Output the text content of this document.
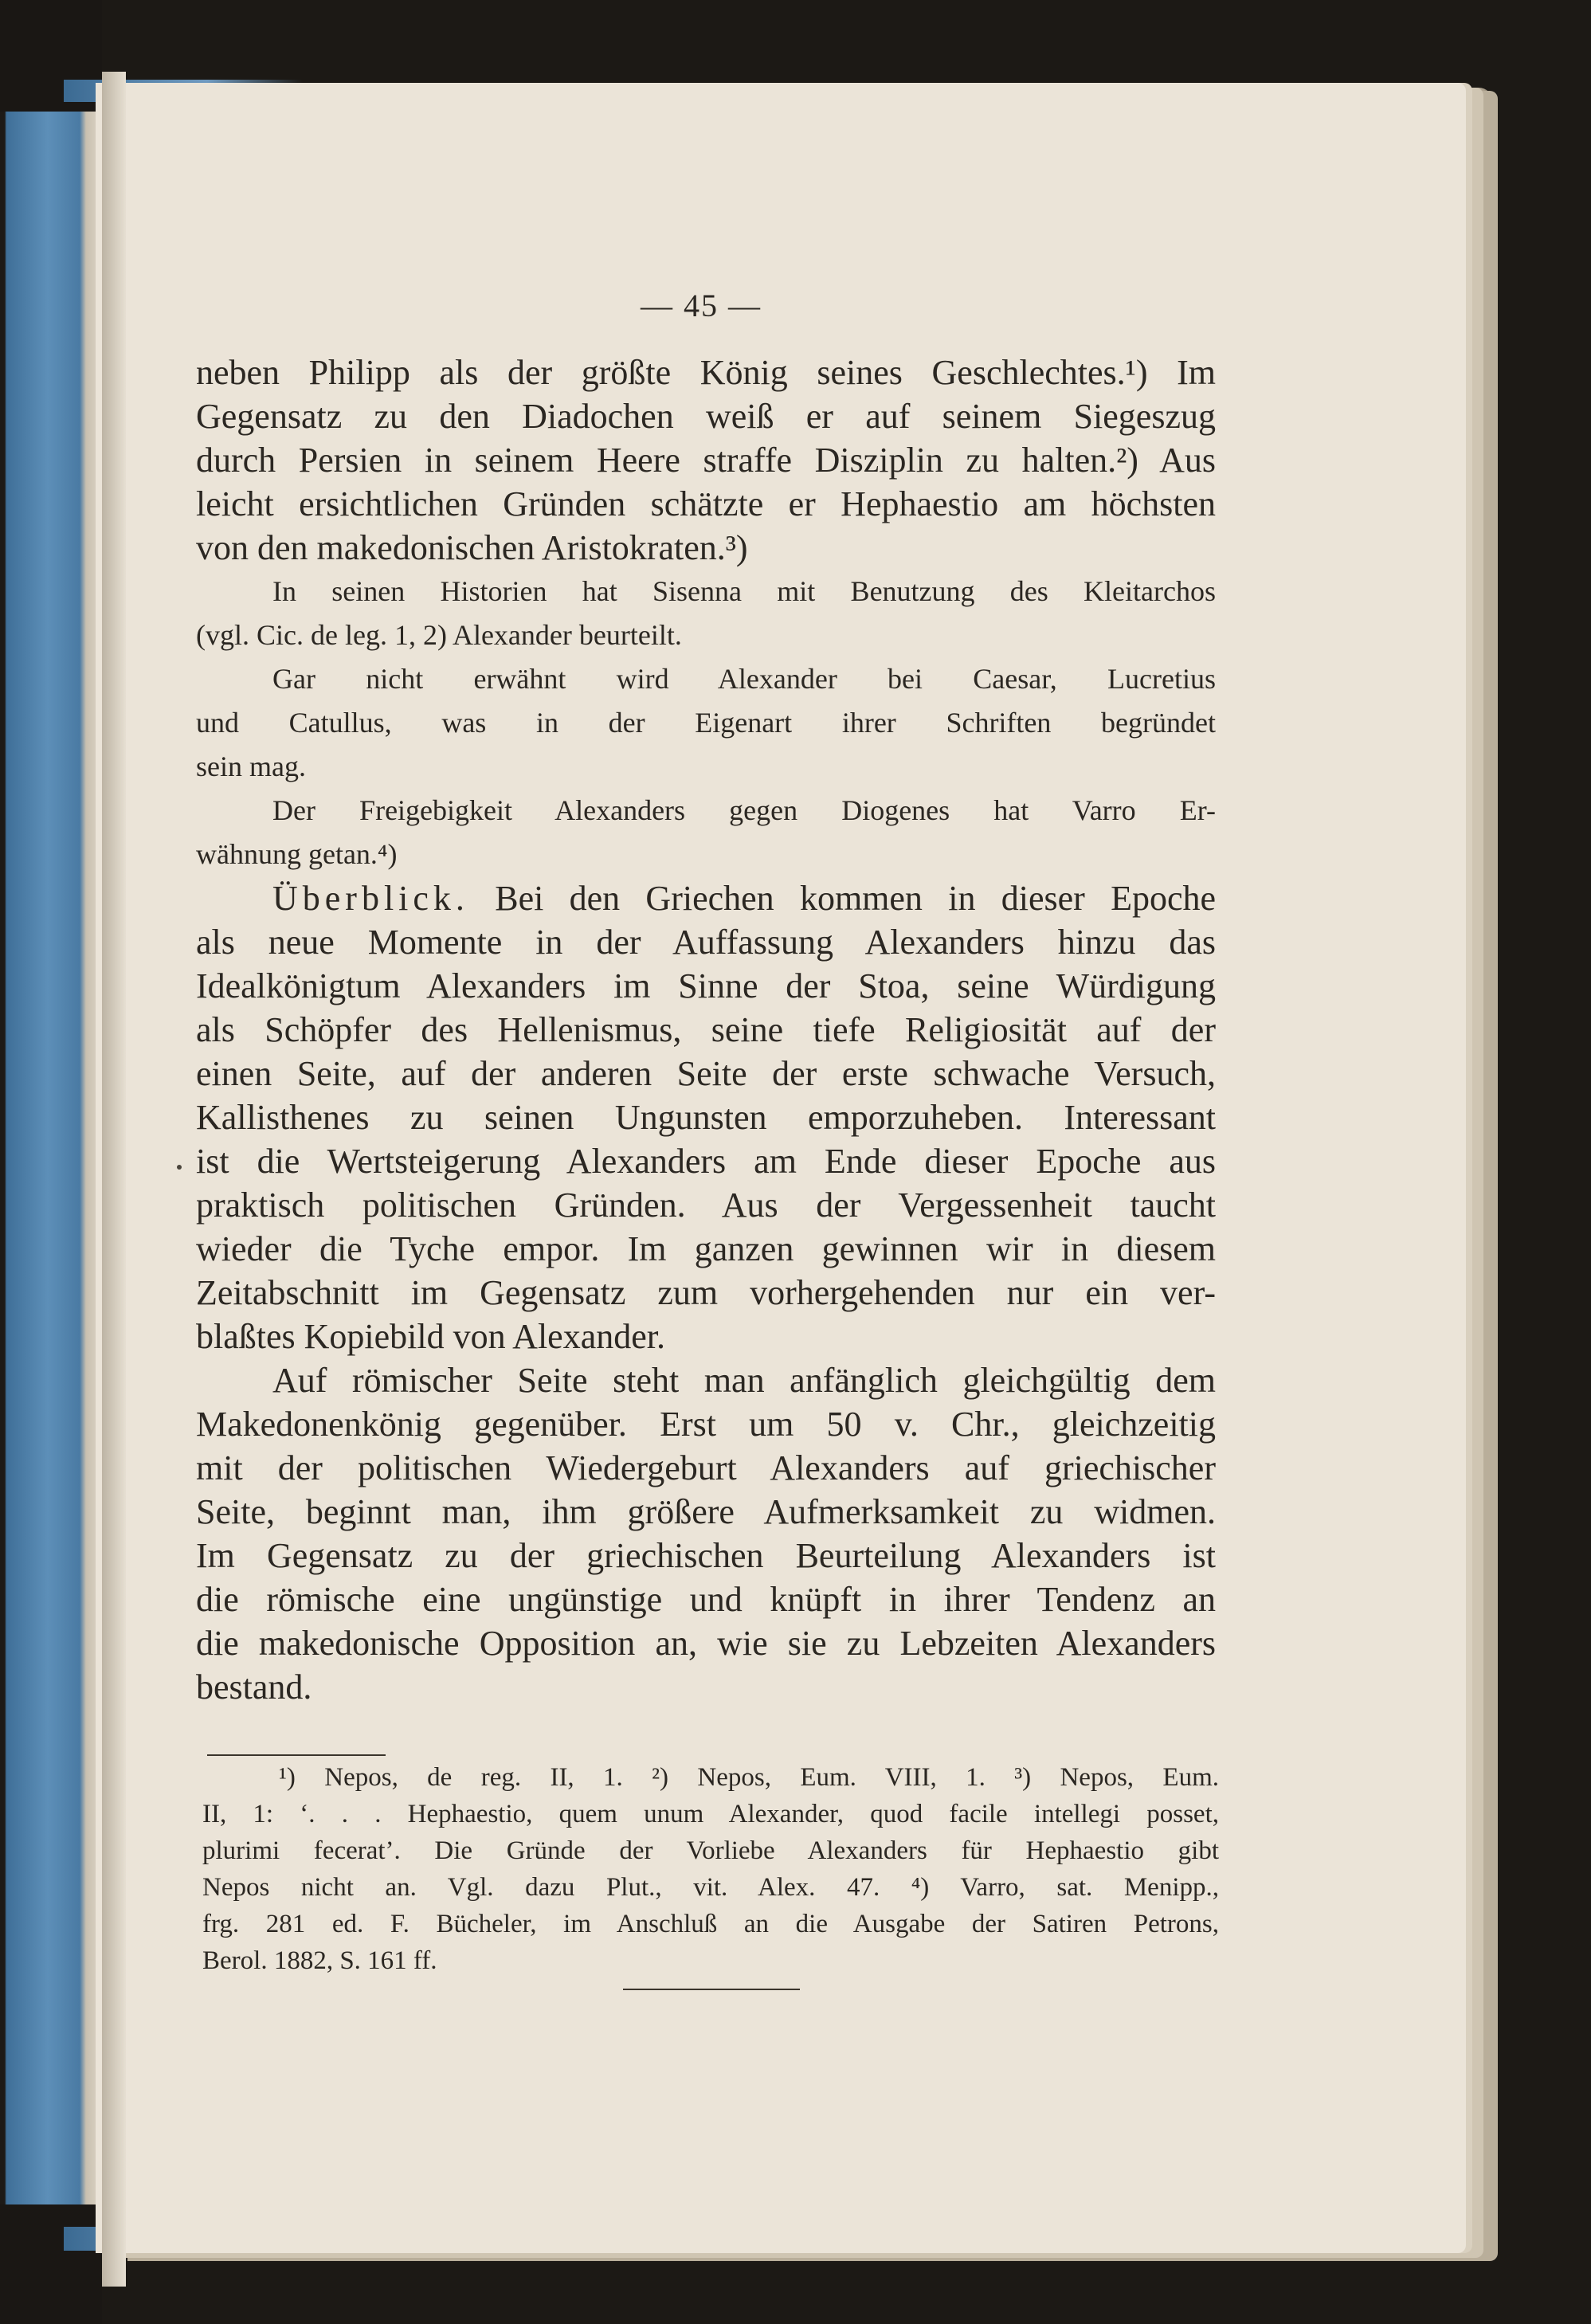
— 45 —
neben Philipp als der größte König seines Geschlechtes.¹) Im
Gegensatz zu den Diadochen weiß er auf seinem Siegeszug
durch Persien in seinem Heere straffe Disziplin zu halten.²) Aus
leicht ersichtlichen Gründen schätzte er Hephaestio am höchsten
von den makedonischen Aristokraten.³)
In seinen Historien hat Sisenna mit Benutzung des Kleitarchos
(vgl. Cic. de leg. 1, 2) Alexander beurteilt.
Gar nicht erwähnt wird Alexander bei Caesar, Lucretius
und Catullus, was in der Eigenart ihrer Schriften begründet
sein mag.
Der Freigebigkeit Alexanders gegen Diogenes hat Varro Er-
wähnung getan.⁴)
Überblick. Bei den Griechen kommen in dieser Epoche
als neue Momente in der Auffassung Alexanders hinzu das
Idealkönigtum Alexanders im Sinne der Stoa, seine Würdigung
als Schöpfer des Hellenismus, seine tiefe Religiosität auf der
einen Seite, auf der anderen Seite der erste schwache Versuch,
Kallisthenes zu seinen Ungunsten emporzuheben. Interessant
ist die Wertsteigerung Alexanders am Ende dieser Epoche aus
praktisch politischen Gründen. Aus der Vergessenheit taucht
wieder die Tyche empor. Im ganzen gewinnen wir in diesem
Zeitabschnitt im Gegensatz zum vorhergehenden nur ein ver-
blaßtes Kopiebild von Alexander.
Auf römischer Seite steht man anfänglich gleichgültig dem
Makedonenkönig gegenüber. Erst um 50 v. Chr., gleichzeitig
mit der politischen Wiedergeburt Alexanders auf griechischer
Seite, beginnt man, ihm größere Aufmerksamkeit zu widmen.
Im Gegensatz zu der griechischen Beurteilung Alexanders ist
die römische eine ungünstige und knüpft in ihrer Tendenz an
die makedonische Opposition an, wie sie zu Lebzeiten Alexanders
bestand.
¹) Nepos, de reg. II, 1. ²) Nepos, Eum. VIII, 1. ³) Nepos, Eum.
II, 1: ‘. . . Hephaestio, quem unum Alexander, quod facile intellegi posset,
plurimi fecerat’. Die Gründe der Vorliebe Alexanders für Hephaestio gibt
Nepos nicht an. Vgl. dazu Plut., vit. Alex. 47. ⁴) Varro, sat. Menipp.,
frg. 281 ed. F. Bücheler, im Anschluß an die Ausgabe der Satiren Petrons,
Berol. 1882, S. 161 ff.
